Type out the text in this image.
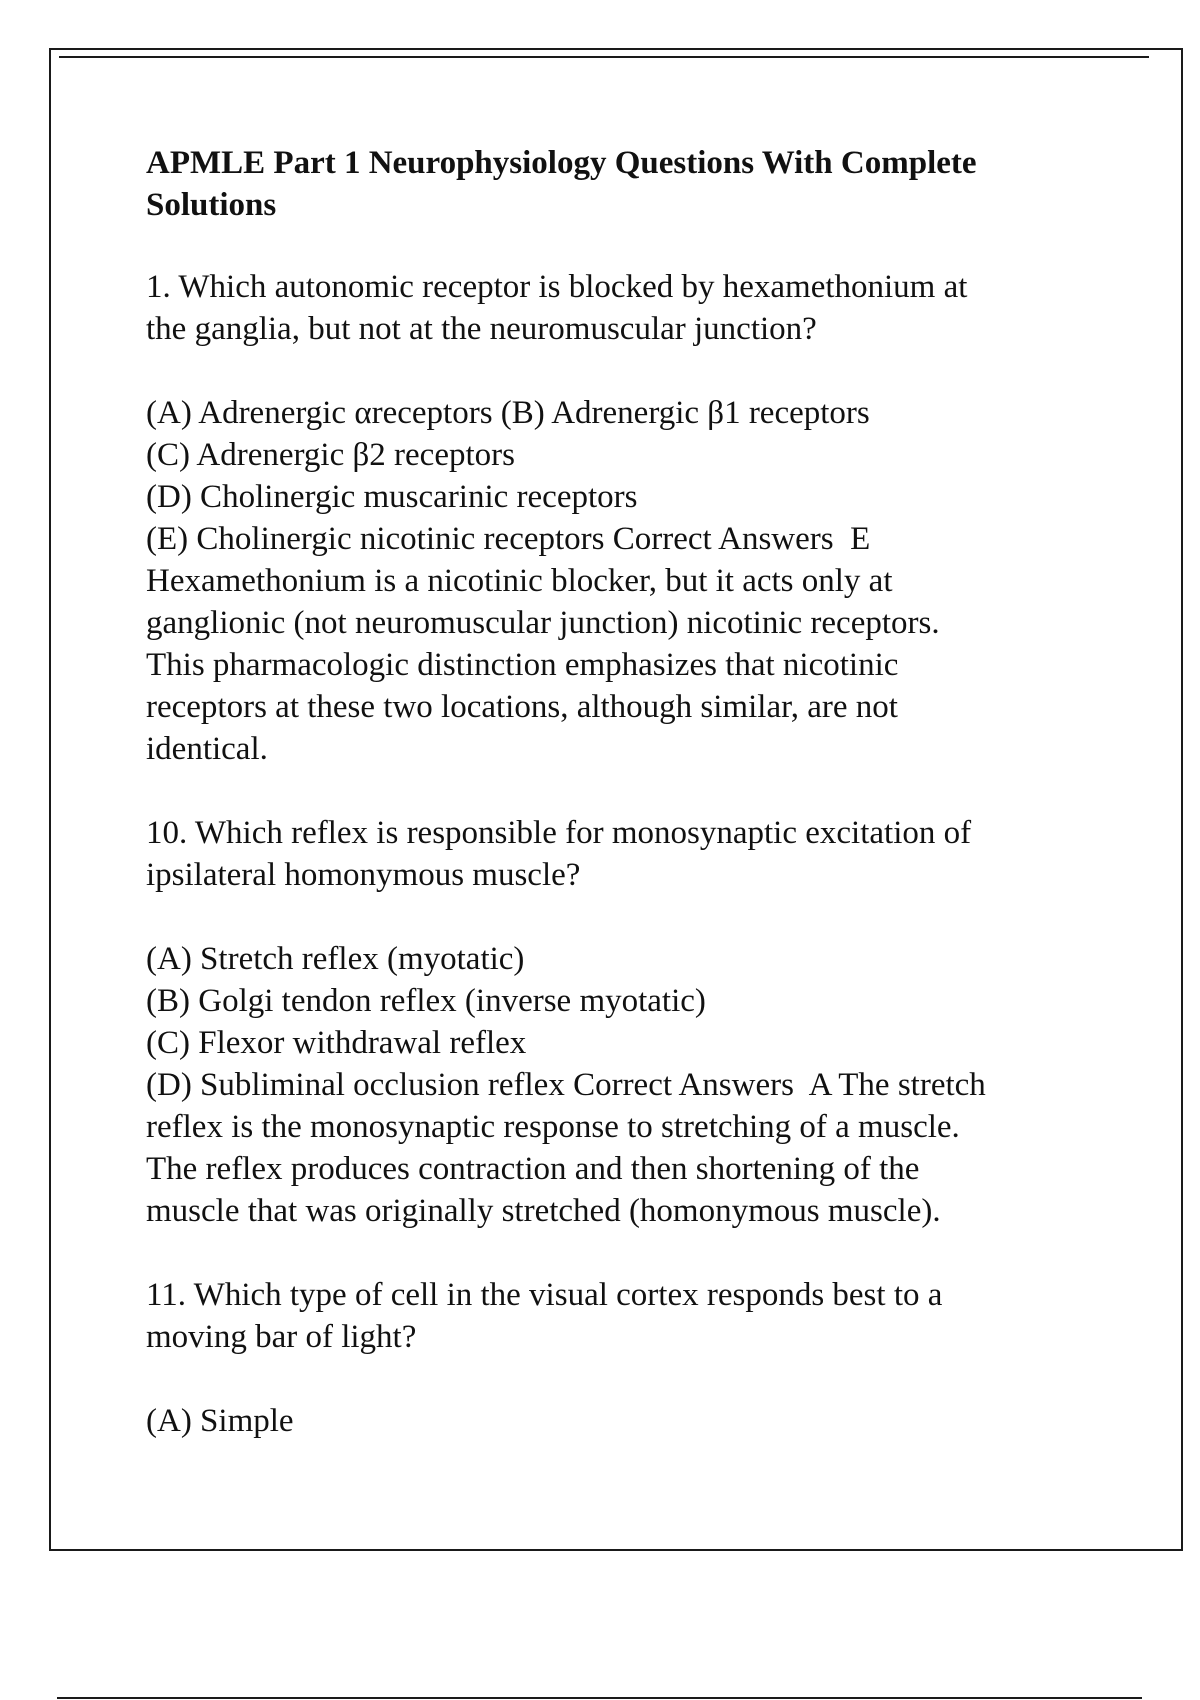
APMLE Part 1 Neurophysiology Questions With Complete
Solutions
1. Which autonomic receptor is blocked by hexamethonium at
the ganglia, but not at the neuromuscular junction?
(A) Adrenergic αreceptors (B) Adrenergic β1 receptors
(C) Adrenergic β2 receptors
(D) Cholinergic muscarinic receptors
(E) Cholinergic nicotinic receptors Correct Answers  E
Hexamethonium is a nicotinic blocker, but it acts only at
ganglionic (not neuromuscular junction) nicotinic receptors.
This pharmacologic distinction emphasizes that nicotinic
receptors at these two locations, although similar, are not
identical.
10. Which reflex is responsible for monosynaptic excitation of
ipsilateral homonymous muscle?
(A) Stretch reflex (myotatic)
(B) Golgi tendon reflex (inverse myotatic)
(C) Flexor withdrawal reflex
(D) Subliminal occlusion reflex Correct Answers  A The stretch
reflex is the monosynaptic response to stretching of a muscle.
The reflex produces contraction and then shortening of the
muscle that was originally stretched (homonymous muscle).
11. Which type of cell in the visual cortex responds best to a
moving bar of light?
(A) Simple
